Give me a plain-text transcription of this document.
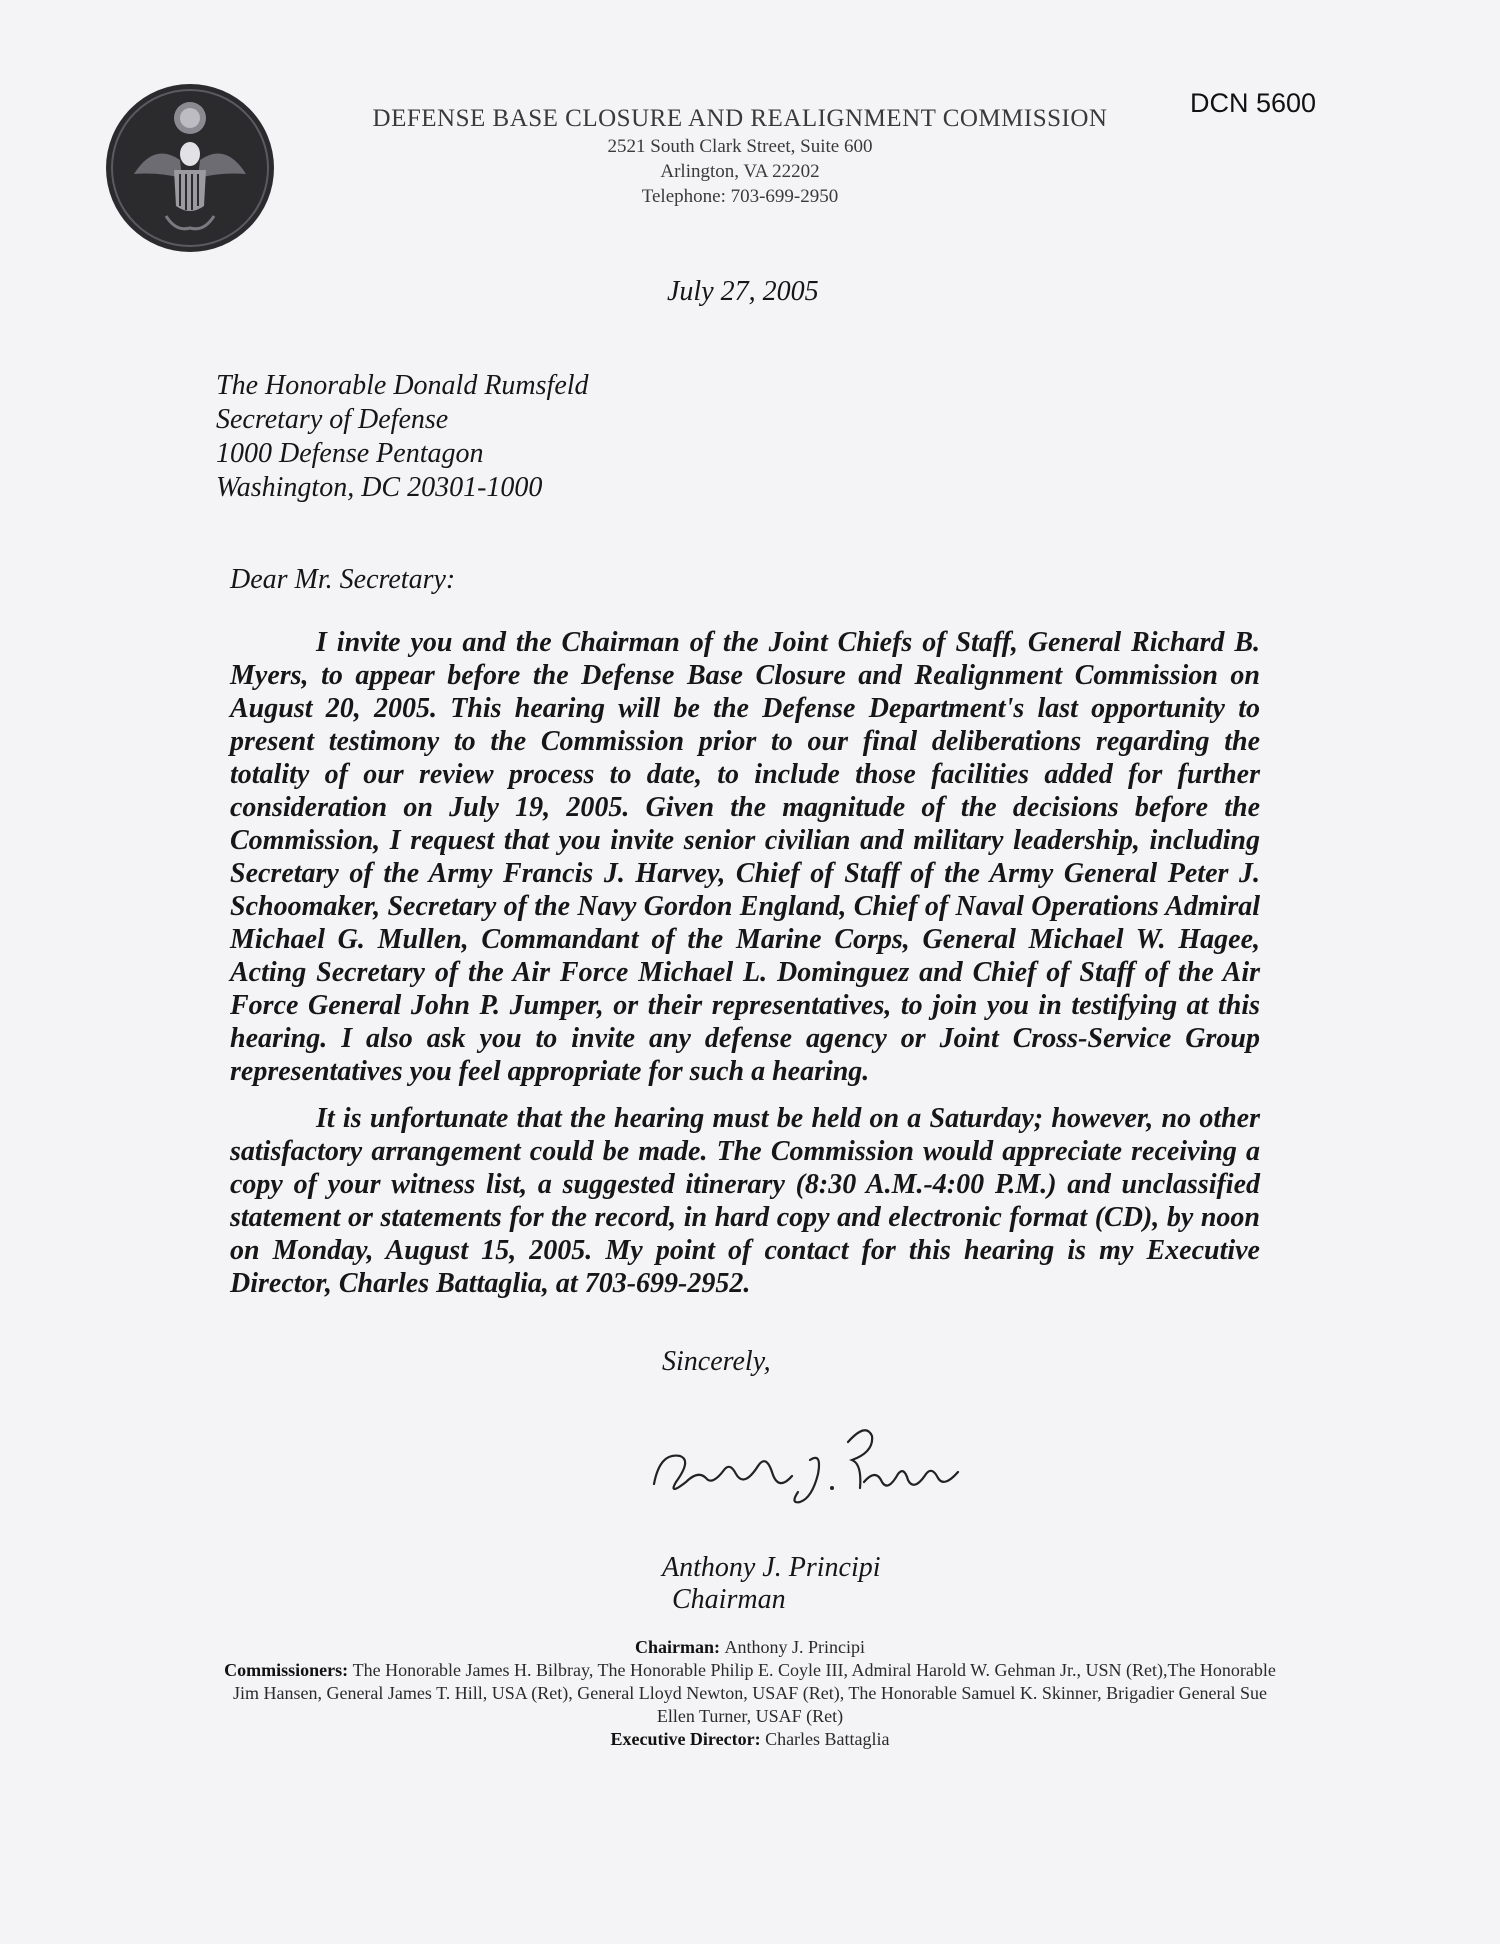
DEFENSE BASE CLOSURE AND REALIGNMENT COMMISSION
2521 South Clark Street, Suite 600
Arlington, VA 22202
Telephone: 703-699-2950
DCN 5600
July 27, 2005
The Honorable Donald Rumsfeld
Secretary of Defense
1000 Defense Pentagon
Washington, DC 20301-1000
Dear Mr. Secretary:
I invite you and the Chairman of the Joint Chiefs of Staff, General Richard B. Myers, to appear before the Defense Base Closure and Realignment Commission on August 20, 2005. This hearing will be the Defense Department's last opportunity to present testimony to the Commission prior to our final deliberations regarding the totality of our review process to date, to include those facilities added for further consideration on July 19, 2005. Given the magnitude of the decisions before the Commission, I request that you invite senior civilian and military leadership, including Secretary of the Army Francis J. Harvey, Chief of Staff of the Army General Peter J. Schoomaker, Secretary of the Navy Gordon England, Chief of Naval Operations Admiral Michael G. Mullen, Commandant of the Marine Corps, General Michael W. Hagee, Acting Secretary of the Air Force Michael L. Dominguez and Chief of Staff of the Air Force General John P. Jumper, or their representatives, to join you in testifying at this hearing. I also ask you to invite any defense agency or Joint Cross-Service Group representatives you feel appropriate for such a hearing.
It is unfortunate that the hearing must be held on a Saturday; however, no other satisfactory arrangement could be made. The Commission would appreciate receiving a copy of your witness list, a suggested itinerary (8:30 A.M.-4:00 P.M.) and unclassified statement or statements for the record, in hard copy and electronic format (CD), by noon on Monday, August 15, 2005. My point of contact for this hearing is my Executive Director, Charles Battaglia, at 703-699-2952.
Sincerely,
Anthony J. Principi
Chairman
Chairman: Anthony J. Principi
Commissioners: The Honorable James H. Bilbray, The Honorable Philip E. Coyle III, Admiral Harold W. Gehman Jr., USN (Ret),The Honorable Jim Hansen, General James T. Hill, USA (Ret), General Lloyd Newton, USAF (Ret), The Honorable Samuel K. Skinner, Brigadier General Sue Ellen Turner, USAF (Ret)
Executive Director: Charles Battaglia
